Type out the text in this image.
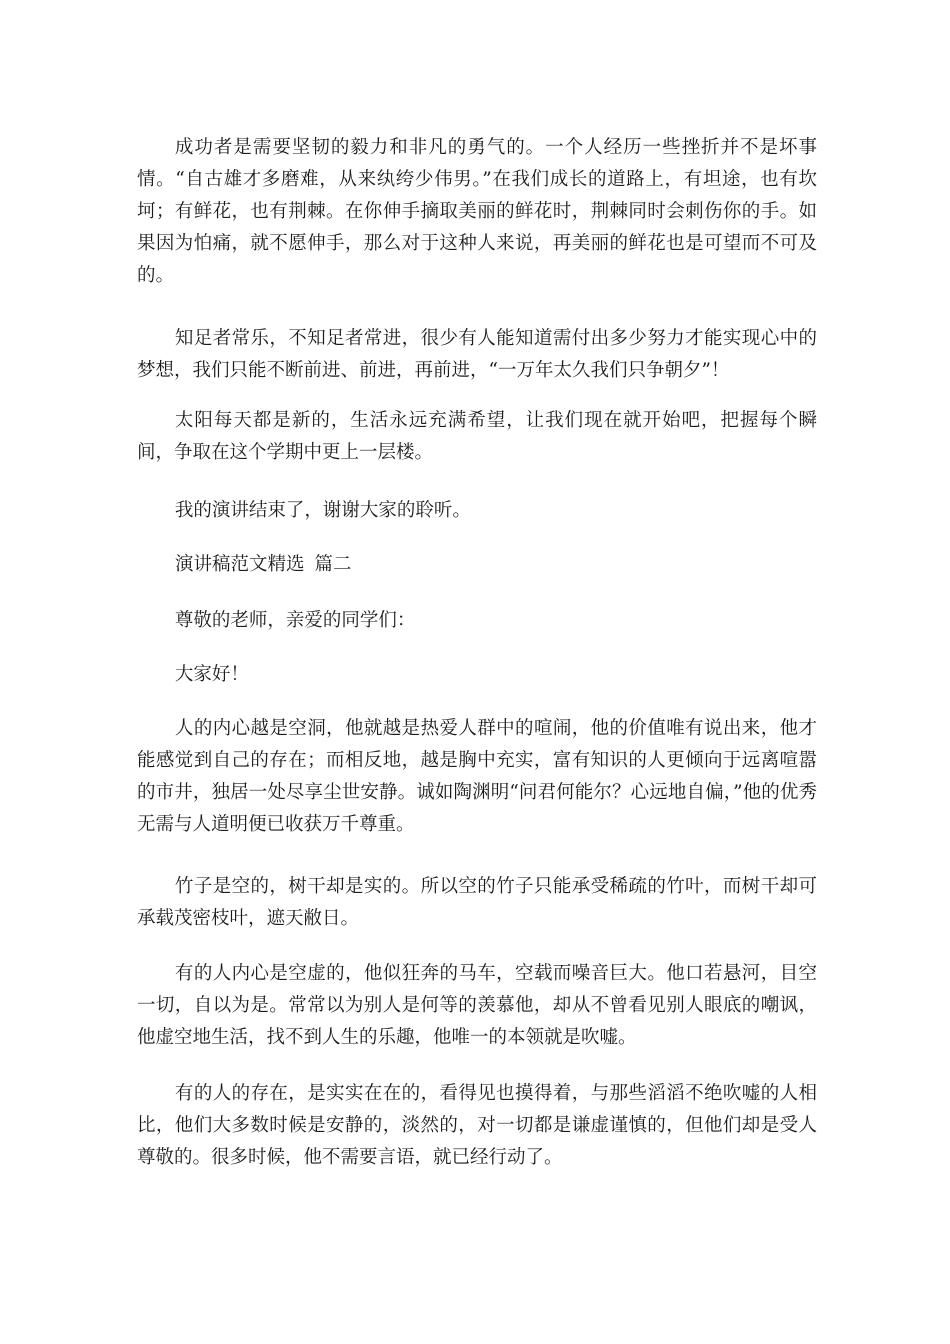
成功者是需要坚韧的毅力和非凡的勇气的。一个人经历一些挫折并不是坏事情。“自古雄才多磨难，从来纨绔少伟男。”在我们成长的道路上，有坦途，也有坎坷；有鲜花，也有荆棘。在你伸手摘取美丽的鲜花时，荆棘同时会刺伤你的手。如果因为怕痛，就不愿伸手，那么对于这种人来说，再美丽的鲜花也是可望而不可及的。

知足者常乐，不知足者常进，很少有人能知道需付出多少努力才能实现心中的梦想，我们只能不断前进、前进，再前进，“一万年太久我们只争朝夕”！

太阳每天都是新的，生活永远充满希望，让我们现在就开始吧，把握每个瞬间，争取在这个学期中更上一层楼。

我的演讲结束了，谢谢大家的聆听。

演讲稿范文精选 篇二

尊敬的老师，亲爱的同学们：

大家好！

人的内心越是空洞，他就越是热爱人群中的喧闹，他的价值唯有说出来，他才能感觉到自己的存在；而相反地，越是胸中充实，富有知识的人更倾向于远离喧嚣的市井，独居一处尽享尘世安静。诚如陶渊明“问君何能尔？心远地自偏，”他的优秀无需与人道明便已收获万千尊重。

竹子是空的，树干却是实的。所以空的竹子只能承受稀疏的竹叶，而树干却可承载茂密枝叶，遮天敝日。

有的人内心是空虚的，他似狂奔的马车，空载而噪音巨大。他口若悬河，目空一切，自以为是。常常以为别人是何等的羡慕他，却从不曾看见别人眼底的嘲讽，他虚空地生活，找不到人生的乐趣，他唯一的本领就是吹嘘。

有的人的存在，是实实在在的，看得见也摸得着，与那些滔滔不绝吹嘘的人相比，他们大多数时候是安静的，淡然的，对一切都是谦虚谨慎的，但他们却是受人尊敬的。很多时候，他不需要言语，就已经行动了。
